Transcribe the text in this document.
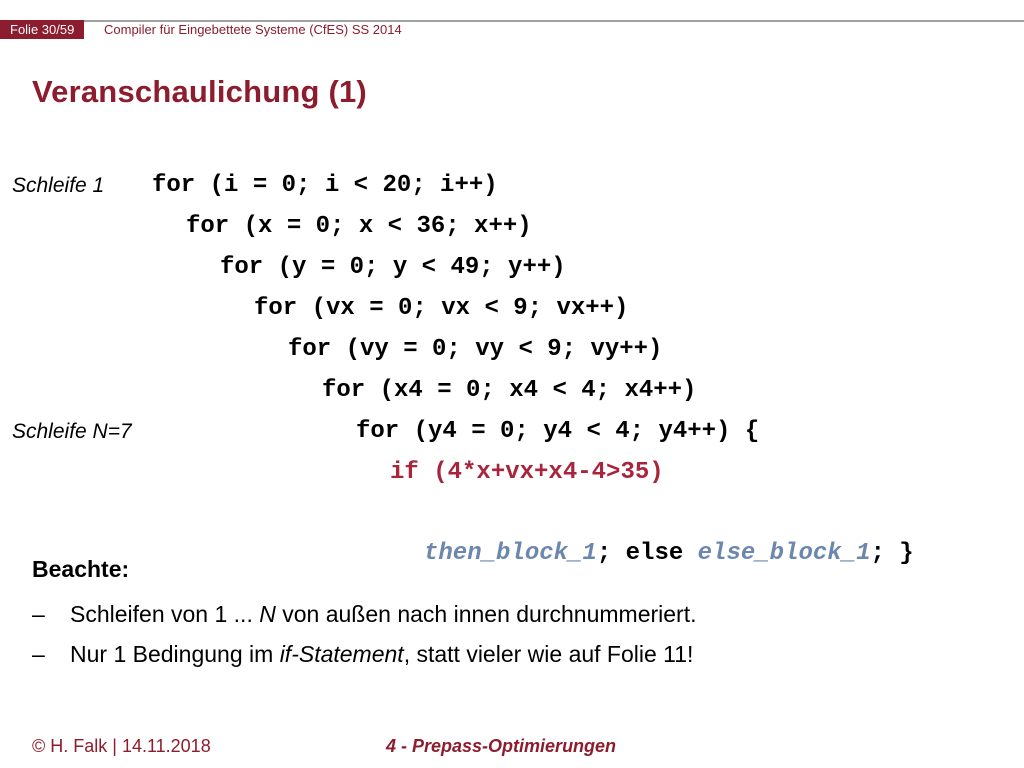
Folie 30/59	Compiler für Eingebettete Systeme (CfES) SS 2014
Veranschaulichung (1)
Schleife 1 for (i = 0; i < 20; i++)
for (x = 0; x < 36; x++)
for (y = 0; y < 49; y++)
for (vx = 0; vx < 9; vx++)
for (vy = 0; vy < 9; vy++)
for (x4 = 0; x4 < 4; x4++)
Schleife N=7	for (y4 = 0; y4 < 4; y4++) {
if (4*x+vx+x4-4>35)

then_block_1; else else_block_1; }

Beachte:
– Schleifen von 1 ... N von außen nach innen durchnummeriert.
– Nur 1 Bedingung im if-Statement, statt vieler wie auf Folie 11!
© H. Falk | 14.11.2018	4 - Prepass-Optimierungen
